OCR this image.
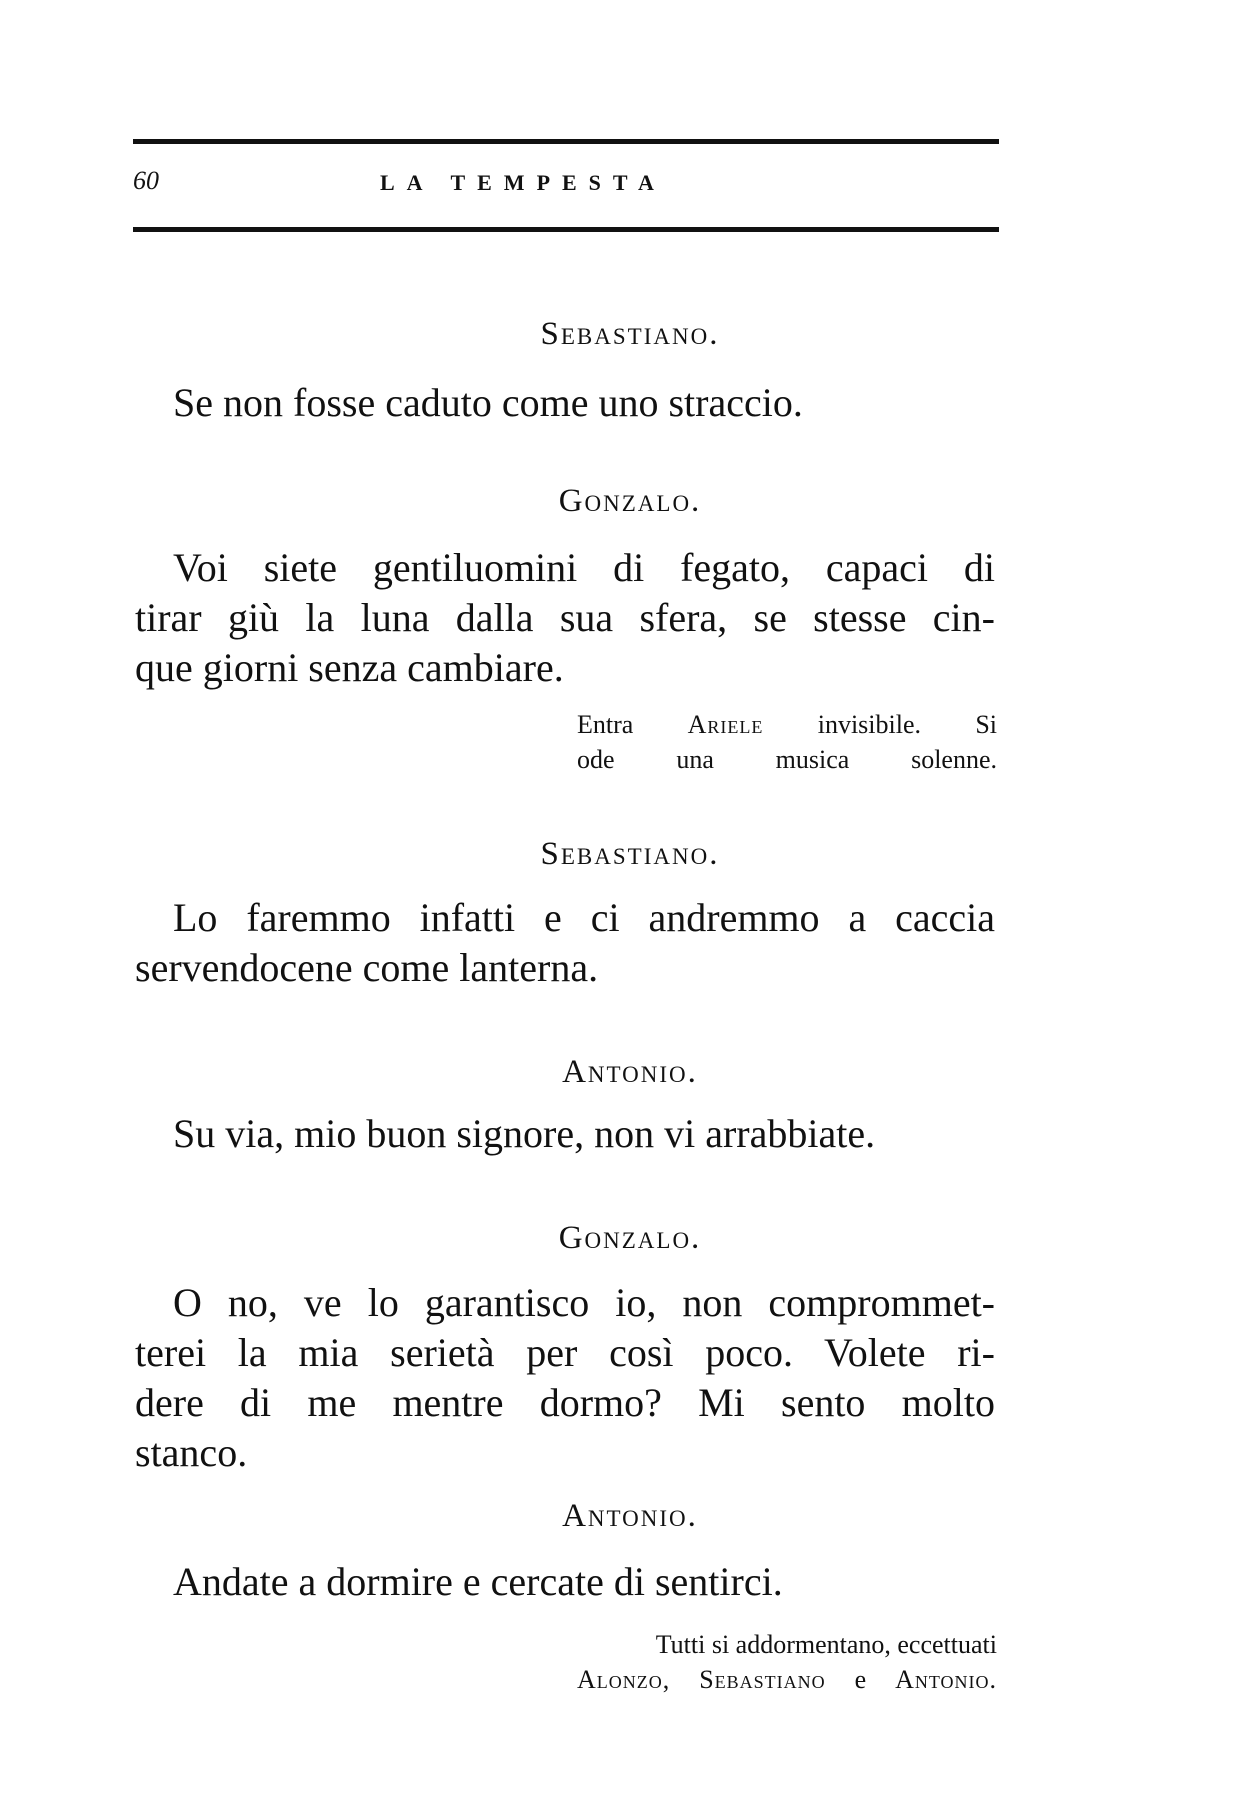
60	LA TEMPESTA
Sebastiano.
Se non fosse caduto come uno straccio.
Gonzalo.
Voi siete gentiluomini di fegato, capaci di
tirar giù la luna dalla sua sfera, se stesse cin-
que giorni senza cambiare.
Entra Ariele invisibile. Si
ode una musica solenne.
Sebastiano.
Lo faremmo infatti e ci andremmo a caccia
servendocene come lanterna.
Antonio.
Su via, mio buon signore, non vi arrabbiate.
Gonzalo.
O no, ve lo garantisco io, non comprommet-
terei la mia serietà per così poco. Volete ri-
dere di me mentre dormo? Mi sento molto
stanco.
Antonio.
Andate a dormire e cercate di sentirci.
Tutti si addormentano, eccettuati
Alonzo, Sebastiano e Antonio.
